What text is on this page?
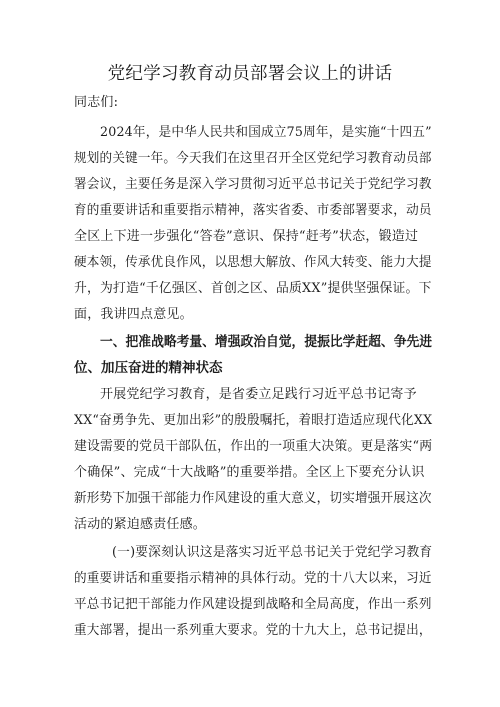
党纪学习教育动员部署会议上的讲话
同志们:
2024年，是中华人民共和国成立75周年，是实施“十四五”
规划的关键一年。今天我们在这里召开全区党纪学习教育动员部
署会议，主要任务是深入学习贯彻习近平总书记关于党纪学习教
育的重要讲话和重要指示精神，落实省委、市委部署要求，动员
全区上下进一步强化“答卷”意识、保持“赶考”状态，锻造过
硬本领，传承优良作风，以思想大解放、作风大转变、能力大提
升，为打造“千亿强区、首创之区、品质XX”提供坚强保证。下
面，我讲四点意见。
一、把准战略考量、增强政治自觉，提振比学赶超、争先进
位、加压奋进的精神状态
开展党纪学习教育，是省委立足践行习近平总书记寄予
XX“奋勇争先、更加出彩”的殷殷嘱托，着眼打造适应现代化XX
建设需要的党员干部队伍，作出的一项重大决策。更是落实“两
个确保”、完成“十大战略”的重要举措。全区上下要充分认识
新形势下加强干部能力作风建设的重大意义，切实增强开展这次
活动的紧迫感责任感。
(一)要深刻认识这是落实习近平总书记关于党纪学习教育
的重要讲话和重要指示精神的具体行动。党的十八大以来，习近
平总书记把干部能力作风建设提到战略和全局高度，作出一系列
重大部署，提出一系列重大要求。党的十九大上，总书记提出，
